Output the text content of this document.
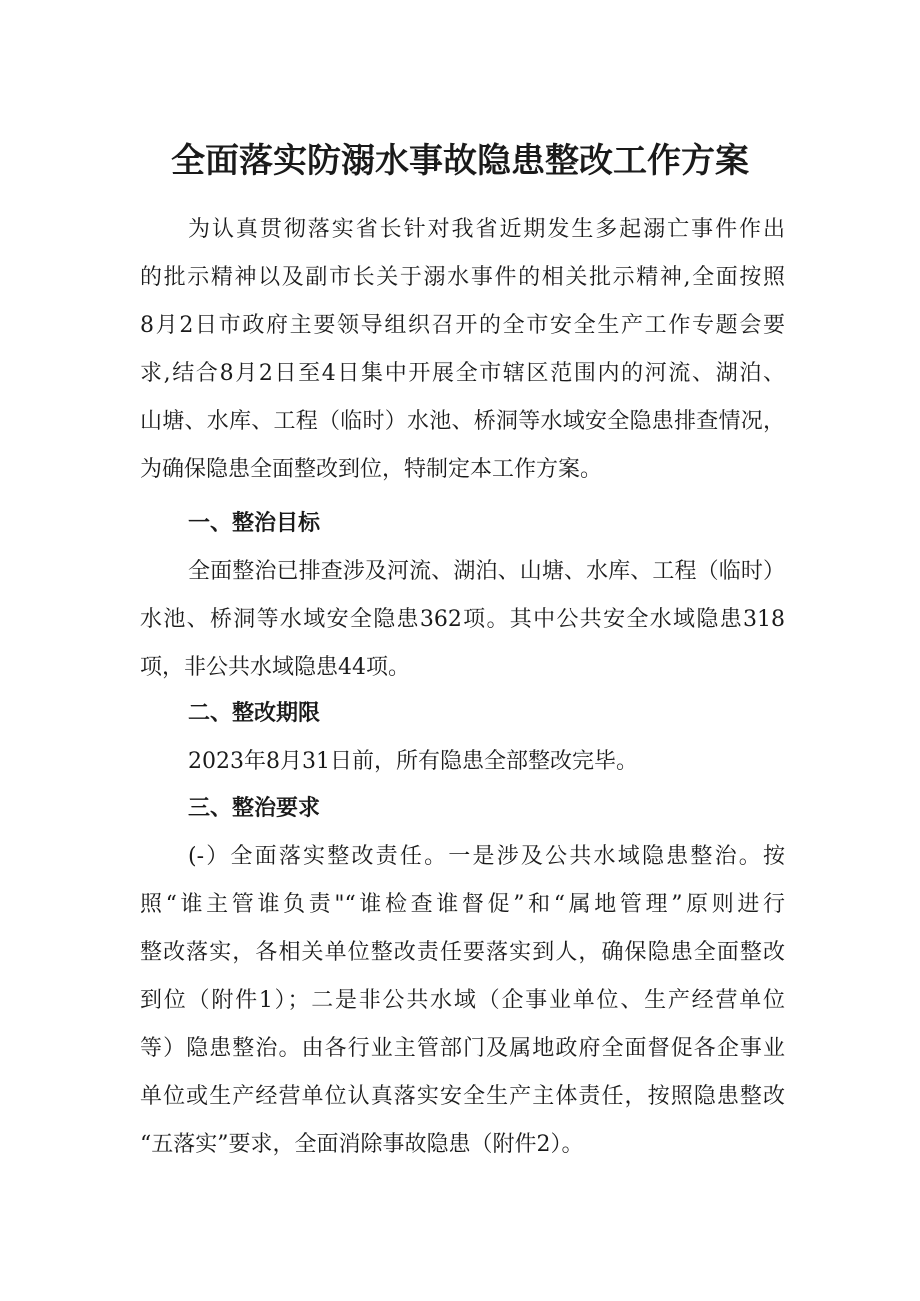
全面落实防溺水事故隐患整改工作方案
为认真贯彻落实省长针对我省近期发生多起溺亡事件作出
的批示精神以及副市长关于溺水事件的相关批示精神,全面按照
8月2日市政府主要领导组织召开的全市安全生产工作专题会要
求,结合8月2日至4日集中开展全市辖区范围内的河流、湖泊、
山塘、水库、工程（临时）水池、桥洞等水域安全隐患排查情况，
为确保隐患全面整改到位，特制定本工作方案。
一、整治目标
全面整治已排查涉及河流、湖泊、山塘、水库、工程（临时）
水池、桥洞等水域安全隐患362项。其中公共安全水域隐患318
项，非公共水域隐患44项。
二、整改期限
2023年8月31日前，所有隐患全部整改完毕。
三、整治要求
(-）全面落实整改责任。一是涉及公共水域隐患整治。按
照“谁主管谁负责"“谁检查谁督促”和“属地管理”原则进行
整改落实，各相关单位整改责任要落实到人，确保隐患全面整改
到位（附件1）；二是非公共水域（企事业单位、生产经营单位
等）隐患整治。由各行业主管部门及属地政府全面督促各企事业
单位或生产经营单位认真落实安全生产主体责任，按照隐患整改
“五落实”要求，全面消除事故隐患（附件2）。
